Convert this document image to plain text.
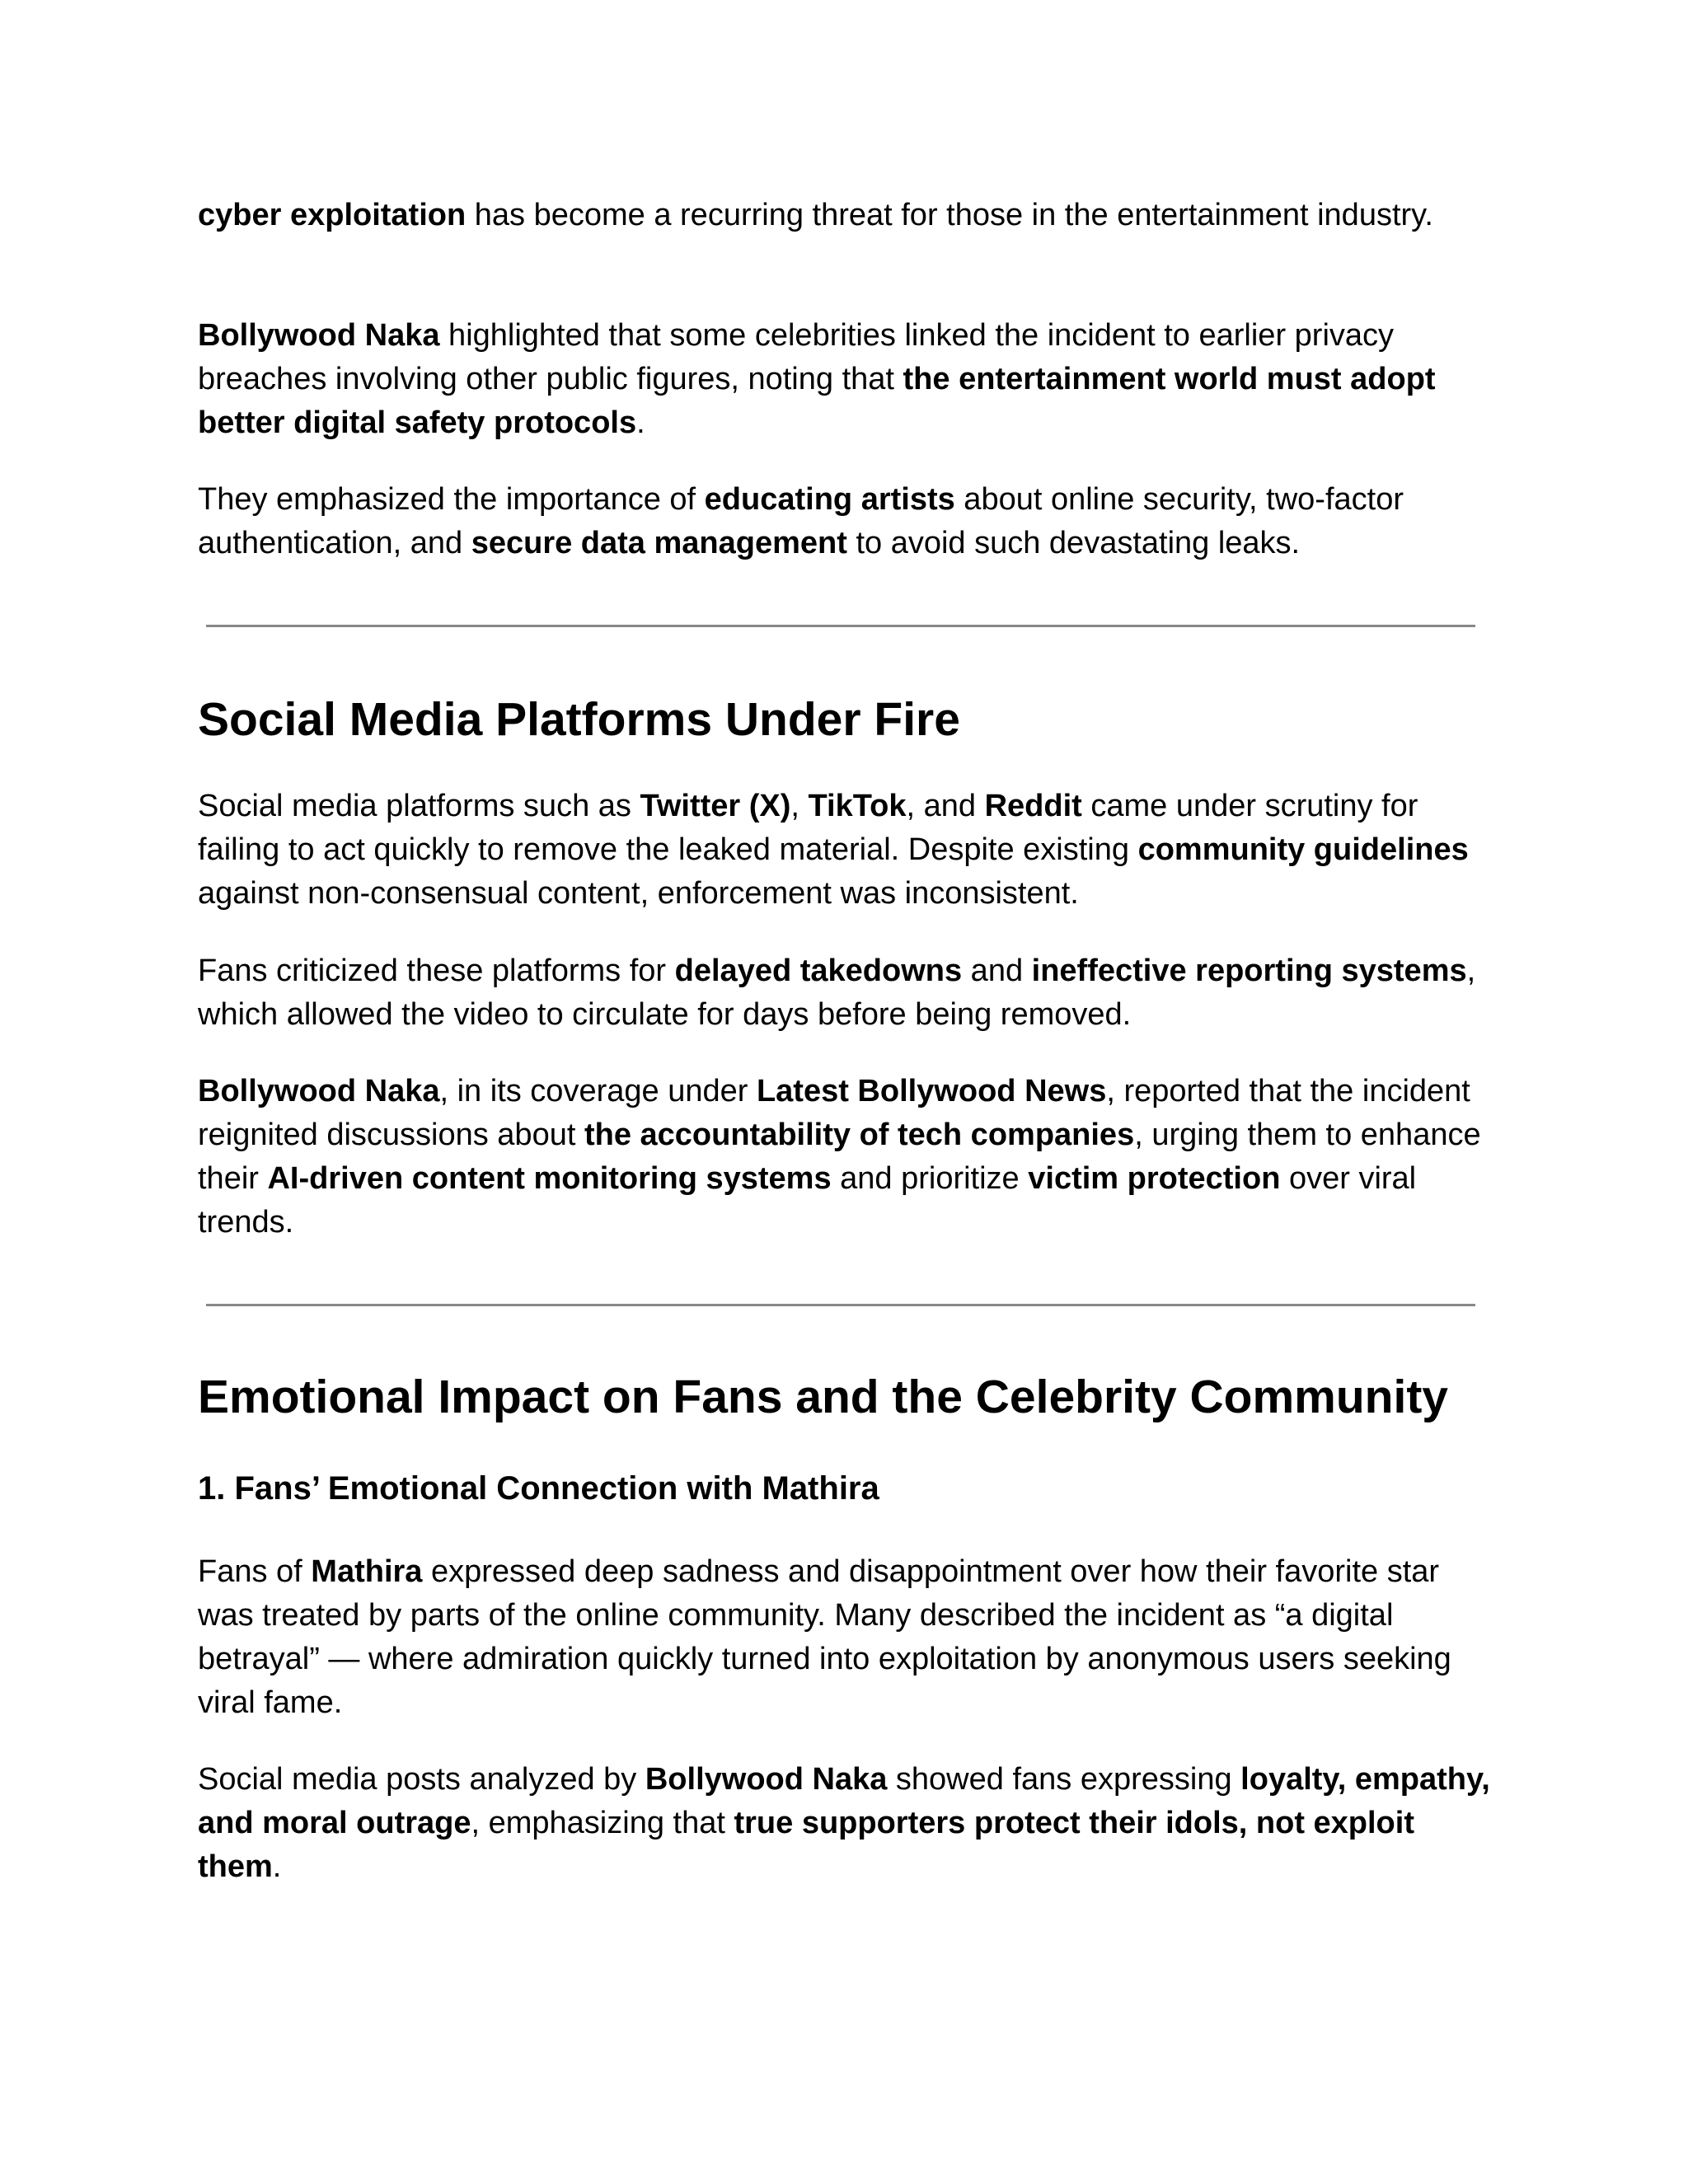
cyber exploitation has become a recurring threat for those in the entertainment industry.

Bollywood Naka highlighted that some celebrities linked the incident to earlier privacy breaches involving other public figures, noting that the entertainment world must adopt better digital safety protocols.

They emphasized the importance of educating artists about online security, two-factor authentication, and secure data management to avoid such devastating leaks.

Social Media Platforms Under Fire

Social media platforms such as Twitter (X), TikTok, and Reddit came under scrutiny for failing to act quickly to remove the leaked material. Despite existing community guidelines against non-consensual content, enforcement was inconsistent.

Fans criticized these platforms for delayed takedowns and ineffective reporting systems, which allowed the video to circulate for days before being removed.

Bollywood Naka, in its coverage under Latest Bollywood News, reported that the incident reignited discussions about the accountability of tech companies, urging them to enhance their AI-driven content monitoring systems and prioritize victim protection over viral trends.

Emotional Impact on Fans and the Celebrity Community
1. Fans’ Emotional Connection with Mathira

Fans of Mathira expressed deep sadness and disappointment over how their favorite star was treated by parts of the online community. Many described the incident as “a digital betrayal” — where admiration quickly turned into exploitation by anonymous users seeking viral fame.

Social media posts analyzed by Bollywood Naka showed fans expressing loyalty, empathy, and moral outrage, emphasizing that true supporters protect their idols, not exploit them.
